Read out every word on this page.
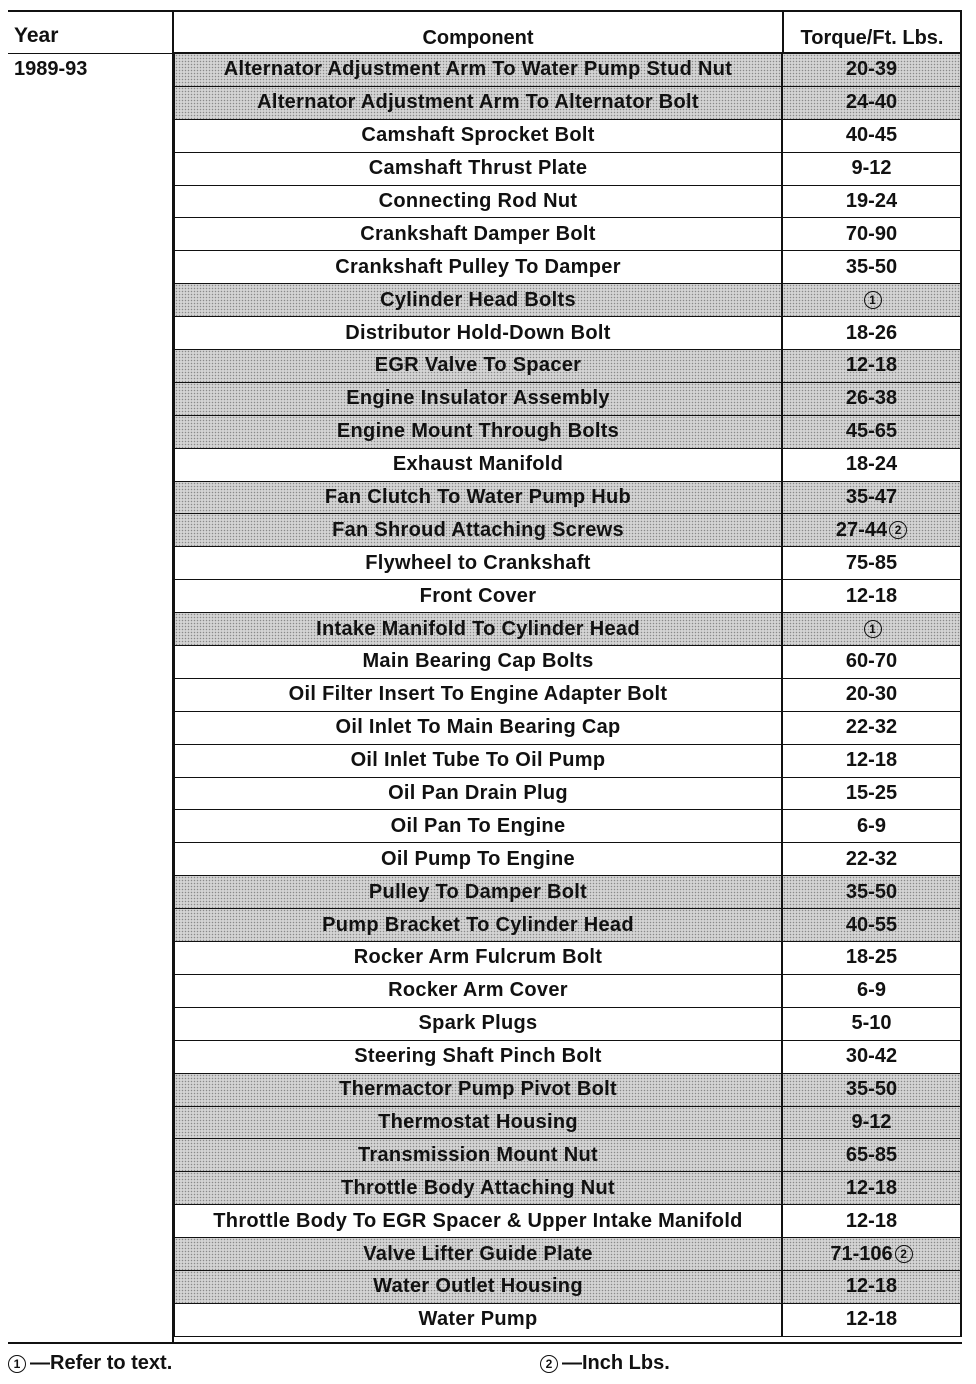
Year
1989-93
Component	Torque/Ft. Lbs.
Alternator Adjustment Arm To Water Pump Stud Nut	20-39
Alternator Adjustment Arm To Alternator Bolt	24-40
Camshaft Sprocket Bolt	40-45
Camshaft Thrust Plate	9-12
Connecting Rod Nut	19-24
Crankshaft Damper Bolt	70-90
Crankshaft Pulley To Damper	35-50
Cylinder Head Bolts	1
Distributor Hold-Down Bolt	18-26
EGR Valve To Spacer	12-18
Engine Insulator Assembly	26-38
Engine Mount Through Bolts	45-65
Exhaust Manifold	18-24
Fan Clutch To Water Pump Hub	35-47
Fan Shroud Attaching Screws	27-44 2
Flywheel to Crankshaft	75-85
Front Cover	12-18
Intake Manifold To Cylinder Head	1
Main Bearing Cap Bolts	60-70
Oil Filter Insert To Engine Adapter Bolt	20-30
Oil Inlet To Main Bearing Cap	22-32
Oil Inlet Tube To Oil Pump	12-18
Oil Pan Drain Plug	15-25
Oil Pan To Engine	6-9
Oil Pump To Engine	22-32
Pulley To Damper Bolt	35-50
Pump Bracket To Cylinder Head	40-55
Rocker Arm Fulcrum Bolt	18-25
Rocker Arm Cover	6-9
Spark Plugs	5-10
Steering Shaft Pinch Bolt	30-42
Thermactor Pump Pivot Bolt	35-50
Thermostat Housing	9-12
Transmission Mount Nut	65-85
Throttle Body Attaching Nut	12-18
Throttle Body To EGR Spacer & Upper Intake Manifold	12-18
Valve Lifter Guide Plate	71-106 2
Water Outlet Housing	12-18
Water Pump	12-18
1 —Refer to text.	2 —Inch Lbs.
